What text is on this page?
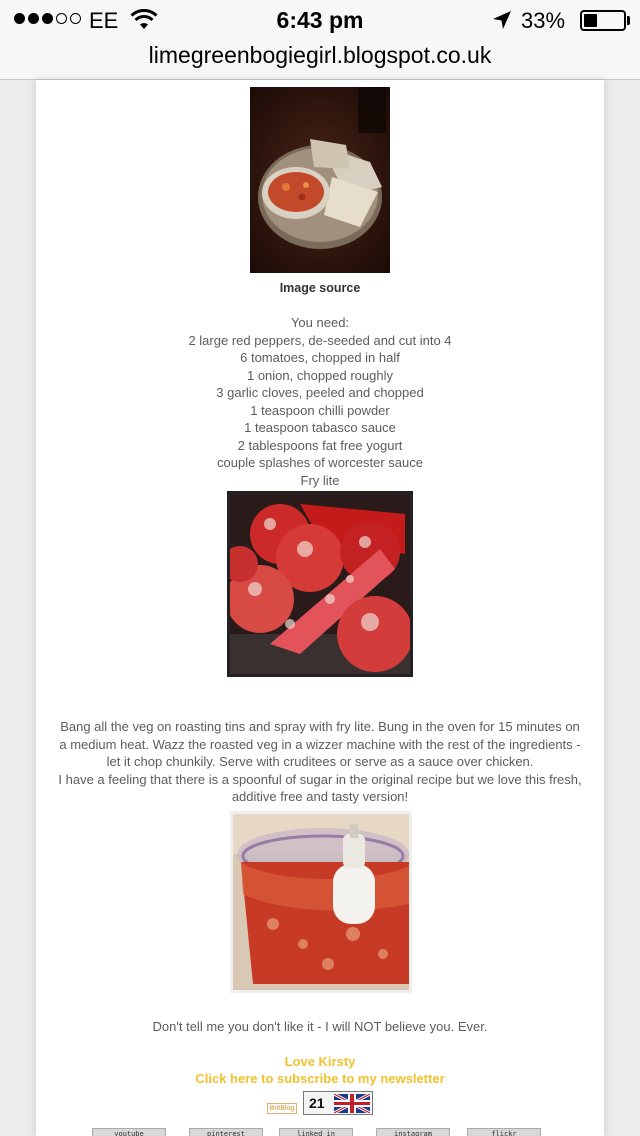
EE	6:43 pm	33%
limegreenbogiegirl.blogspot.co.uk
Image source
You need:
2 large red peppers, de-seeded and cut into 4
6 tomatoes, chopped in half
1 onion, chopped roughly
3 garlic cloves, peeled and chopped
1 teaspoon chilli powder
1 teaspoon tabasco sauce
2 tablespoons fat free yogurt
couple splashes of worcester sauce
Fry lite

Bang all the veg on roasting tins and spray with fry lite. Bung in the oven for 15 minutes on a medium heat. Wazz the roasted veg in a wizzer machine with the rest of the ingredients - let it chop chunkily. Serve with cruditees or serve as a sauce over chicken.

I have a feeling that there is a spoonful of sugar in the original recipe but we love this fresh, additive free and tasty version!

Don't tell me you don't like it - I will NOT believe you. Ever.
Love Kirsty
Click here to subscribe to my newsletter
BritBlog 21
youtube	pinterest	linked in	instagram	flickr
